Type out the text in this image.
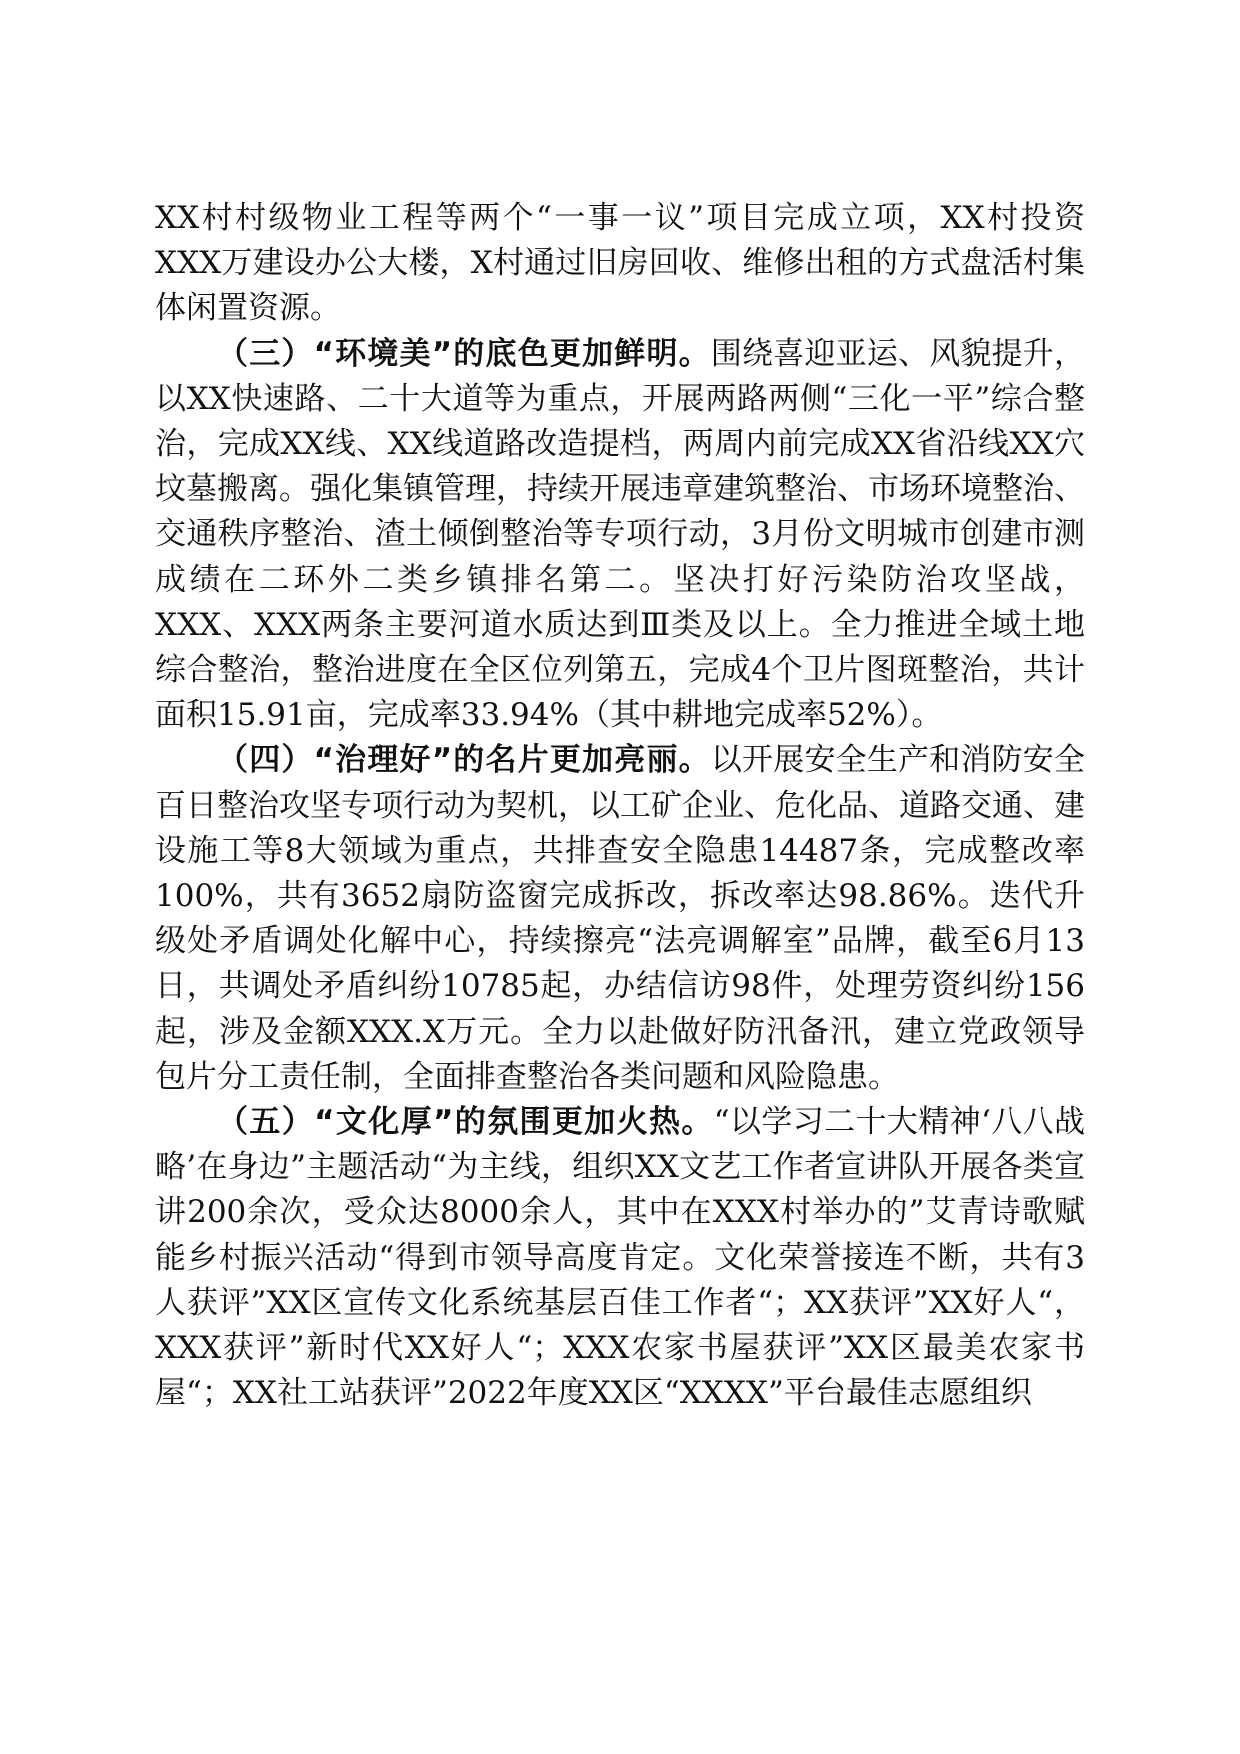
XX村村级物业工程等两个“一事一议”项目完成立项，XX村投资XXX万建设办公大楼，X村通过旧房回收、维修出租的方式盘活村集体闲置资源。

（三）“环境美”的底色更加鲜明。围绕喜迎亚运、风貌提升，以XX快速路、二十大道等为重点，开展两路两侧“三化一平”综合整治，完成XX线、XX线道路改造提档，两周内前完成XX省沿线XX穴坟墓搬离。强化集镇管理，持续开展违章建筑整治、市场环境整治、交通秩序整治、渣土倾倒整治等专项行动，3月份文明城市创建市测成绩在二环外二类乡镇排名第二。坚决打好污染防治攻坚战，XXX、XXX两条主要河道水质达到Ⅲ类及以上。全力推进全域土地综合整治，整治进度在全区位列第五，完成4个卫片图斑整治，共计面积15.91亩，完成率33.94%（其中耕地完成率52%）。

（四）“治理好”的名片更加亮丽。以开展安全生产和消防安全百日整治攻坚专项行动为契机，以工矿企业、危化品、道路交通、建设施工等8大领域为重点，共排查安全隐患14487条，完成整改率100%，共有3652扇防盗窗完成拆改，拆改率达98.86%。迭代升级处矛盾调处化解中心，持续擦亮“法亮调解室”品牌，截至6月13日，共调处矛盾纠纷10785起，办结信访98件，处理劳资纠纷156起，涉及金额XXX.X万元。全力以赴做好防汛备汛，建立党政领导包片分工责任制，全面排查整治各类问题和风险隐患。

（五）“文化厚”的氛围更加火热。“以学习二十大精神‘八八战略’在身边”主题活动“为主线，组织XX文艺工作者宣讲队开展各类宣讲200余次，受众达8000余人，其中在XXX村举办的”艾青诗歌赋能乡村振兴活动“得到市领导高度肯定。文化荣誉接连不断，共有3人获评”XX区宣传文化系统基层百佳工作者“；XX获评”XX好人“，XXX获评”新时代XX好人“；XXX农家书屋获评”XX区最美农家书屋“；XX社工站获评”2022年度XX区“XXXX”平台最佳志愿组织
